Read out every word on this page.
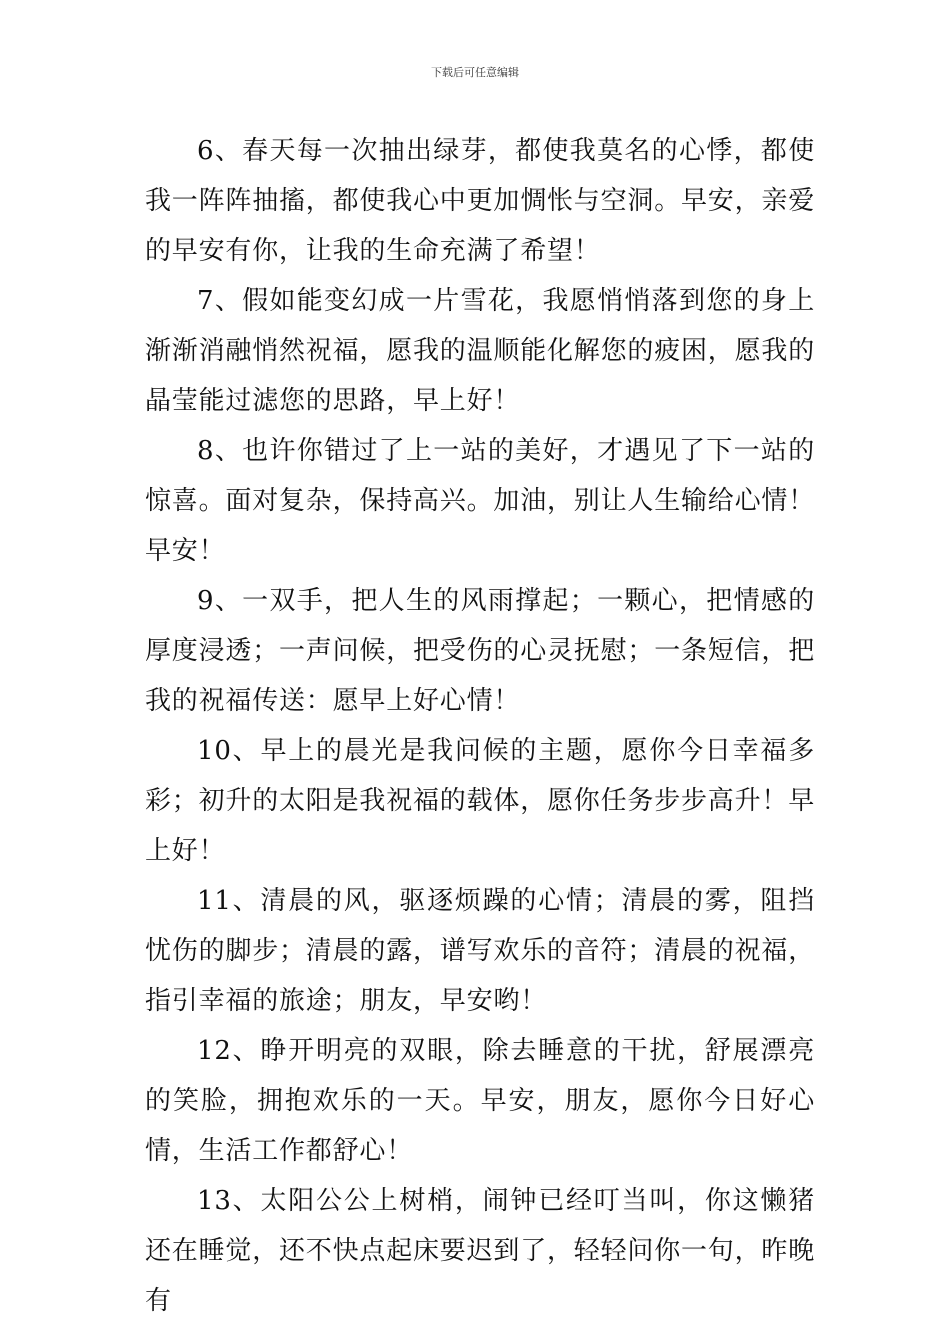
下载后可任意编辑

6、春天每一次抽出绿芽，都使我莫名的心悸，都使我一阵阵抽搐，都使我心中更加惆怅与空洞。早安，亲爱的早安有你，让我的生命充满了希望！

7、假如能变幻成一片雪花，我愿悄悄落到您的身上渐渐消融悄然祝福，愿我的温顺能化解您的疲困，愿我的晶莹能过滤您的思路，早上好！

8、也许你错过了上一站的美好，才遇见了下一站的惊喜。面对复杂，保持高兴。加油，别让人生输给心情！早安！

9、一双手，把人生的风雨撑起；一颗心，把情感的厚度浸透；一声问候，把受伤的心灵抚慰；一条短信，把我的祝福传送：愿早上好心情！

10、早上的晨光是我问候的主题，愿你今日幸福多彩；初升的太阳是我祝福的载体，愿你任务步步高升！早上好！

11、清晨的风，驱逐烦躁的心情；清晨的雾，阻挡忧伤的脚步；清晨的露，谱写欢乐的音符；清晨的祝福，指引幸福的旅途；朋友，早安哟！

12、睁开明亮的双眼，除去睡意的干扰，舒展漂亮的笑脸，拥抱欢乐的一天。早安，朋友，愿你今日好心情，生活工作都舒心！

13、太阳公公上树梢，闹钟已经叮当叫，你这懒猪还在睡觉，还不快点起床要迟到了，轻轻问你一句，昨晚有
